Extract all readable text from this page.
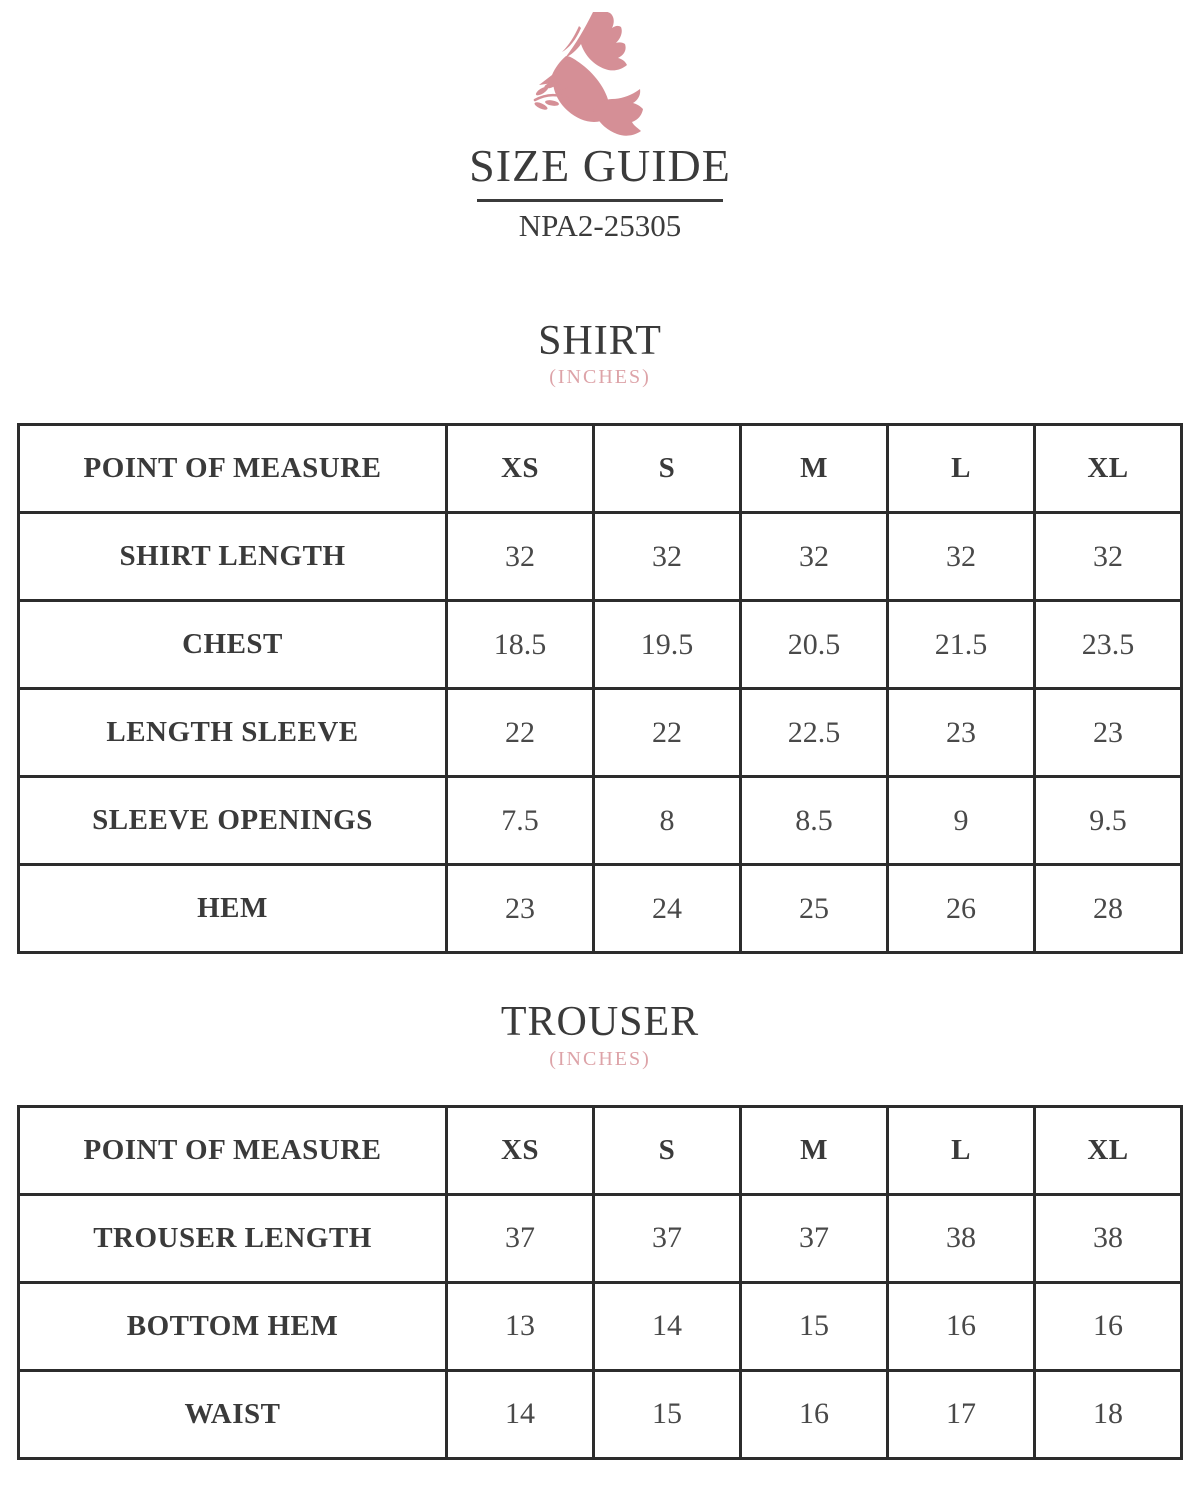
SIZE GUIDE
NPA2-25305
SHIRT
(INCHES)
POINT OF MEASURE	XS	S	M	L	XL
SHIRT LENGTH	32	32	32	32	32
CHEST	18.5	19.5	20.5	21.5	23.5
LENGTH SLEEVE	22	22	22.5	23	23
SLEEVE OPENINGS	7.5	8	8.5	9	9.5
HEM	23	24	25	26	28
TROUSER
(INCHES)
POINT OF MEASURE	XS	S	M	L	XL
TROUSER LENGTH	37	37	37	38	38
BOTTOM HEM	13	14	15	16	16
WAIST	14	15	16	17	18
